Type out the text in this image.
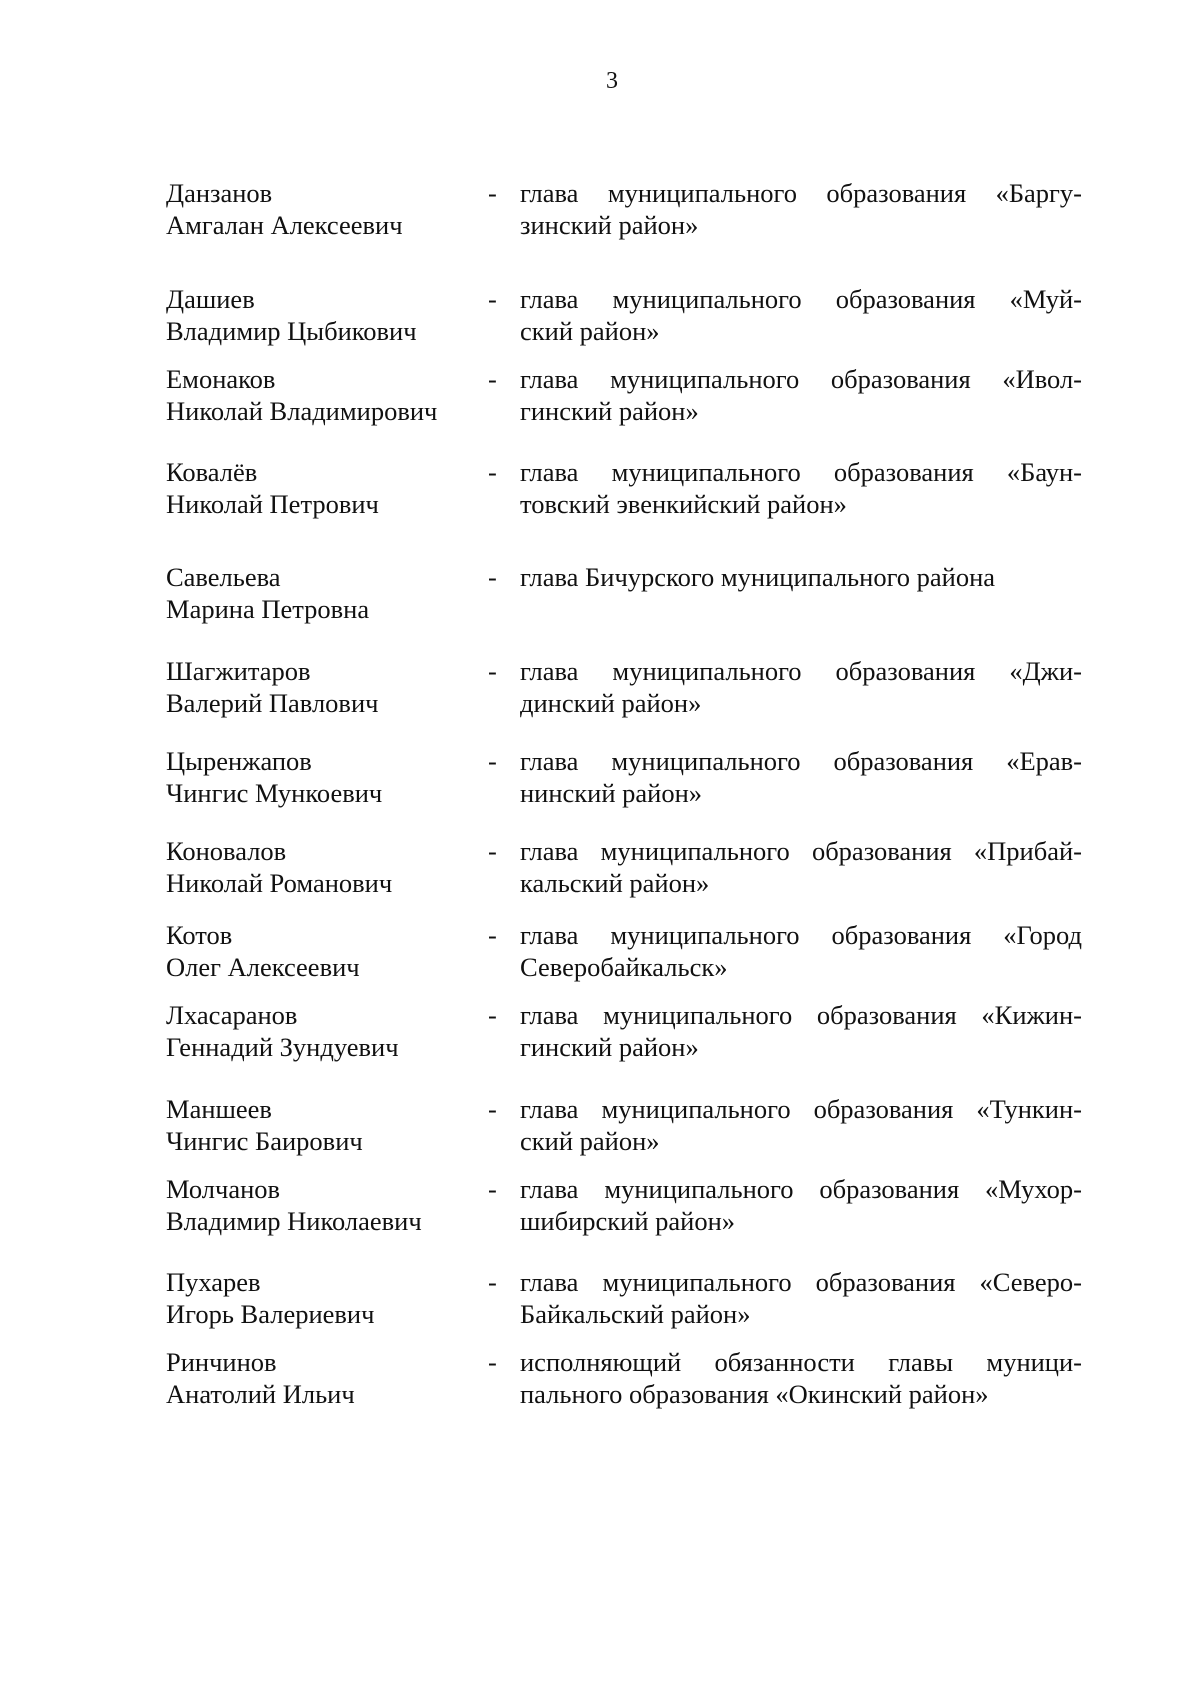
3
Данзанов
Амгалан Алексеевич
- глава муниципального образования «Баргу-
зинский район»
Дашиев
Владимир Цыбикович
- глава муниципального образования «Муй-
ский район»
Емонаков
Николай Владимирович
- глава муниципального образования «Ивол-
гинский район»
Ковалёв
Николай Петрович
- глава муниципального образования «Баун-
товский эвенкийский район»
Савельева
Марина Петровна
- глава Бичурского муниципального района
Шагжитаров
Валерий Павлович
- глава муниципального образования «Джи-
динский район»
Цыренжапов
Чингис Мункоевич
- глава муниципального образования «Ерав-
нинский район»
Коновалов
Николай Романович
- глава муниципального образования «Прибай-
кальский район»
Котов
Олег Алексеевич
- глава муниципального образования «Город
Северобайкальск»
Лхасаранов
Геннадий Зундуевич
- глава муниципального образования «Кижин-
гинский район»
Маншеев
Чингис Баирович
- глава муниципального образования «Тункин-
ский район»
Молчанов
Владимир Николаевич
- глава муниципального образования «Мухор-
шибирский район»
Пухарев
Игорь Валериевич
- глава муниципального образования «Северо-
Байкальский район»
Ринчинов
Анатолий Ильич
- исполняющий обязанности главы муници-
пального образования «Окинский район»
